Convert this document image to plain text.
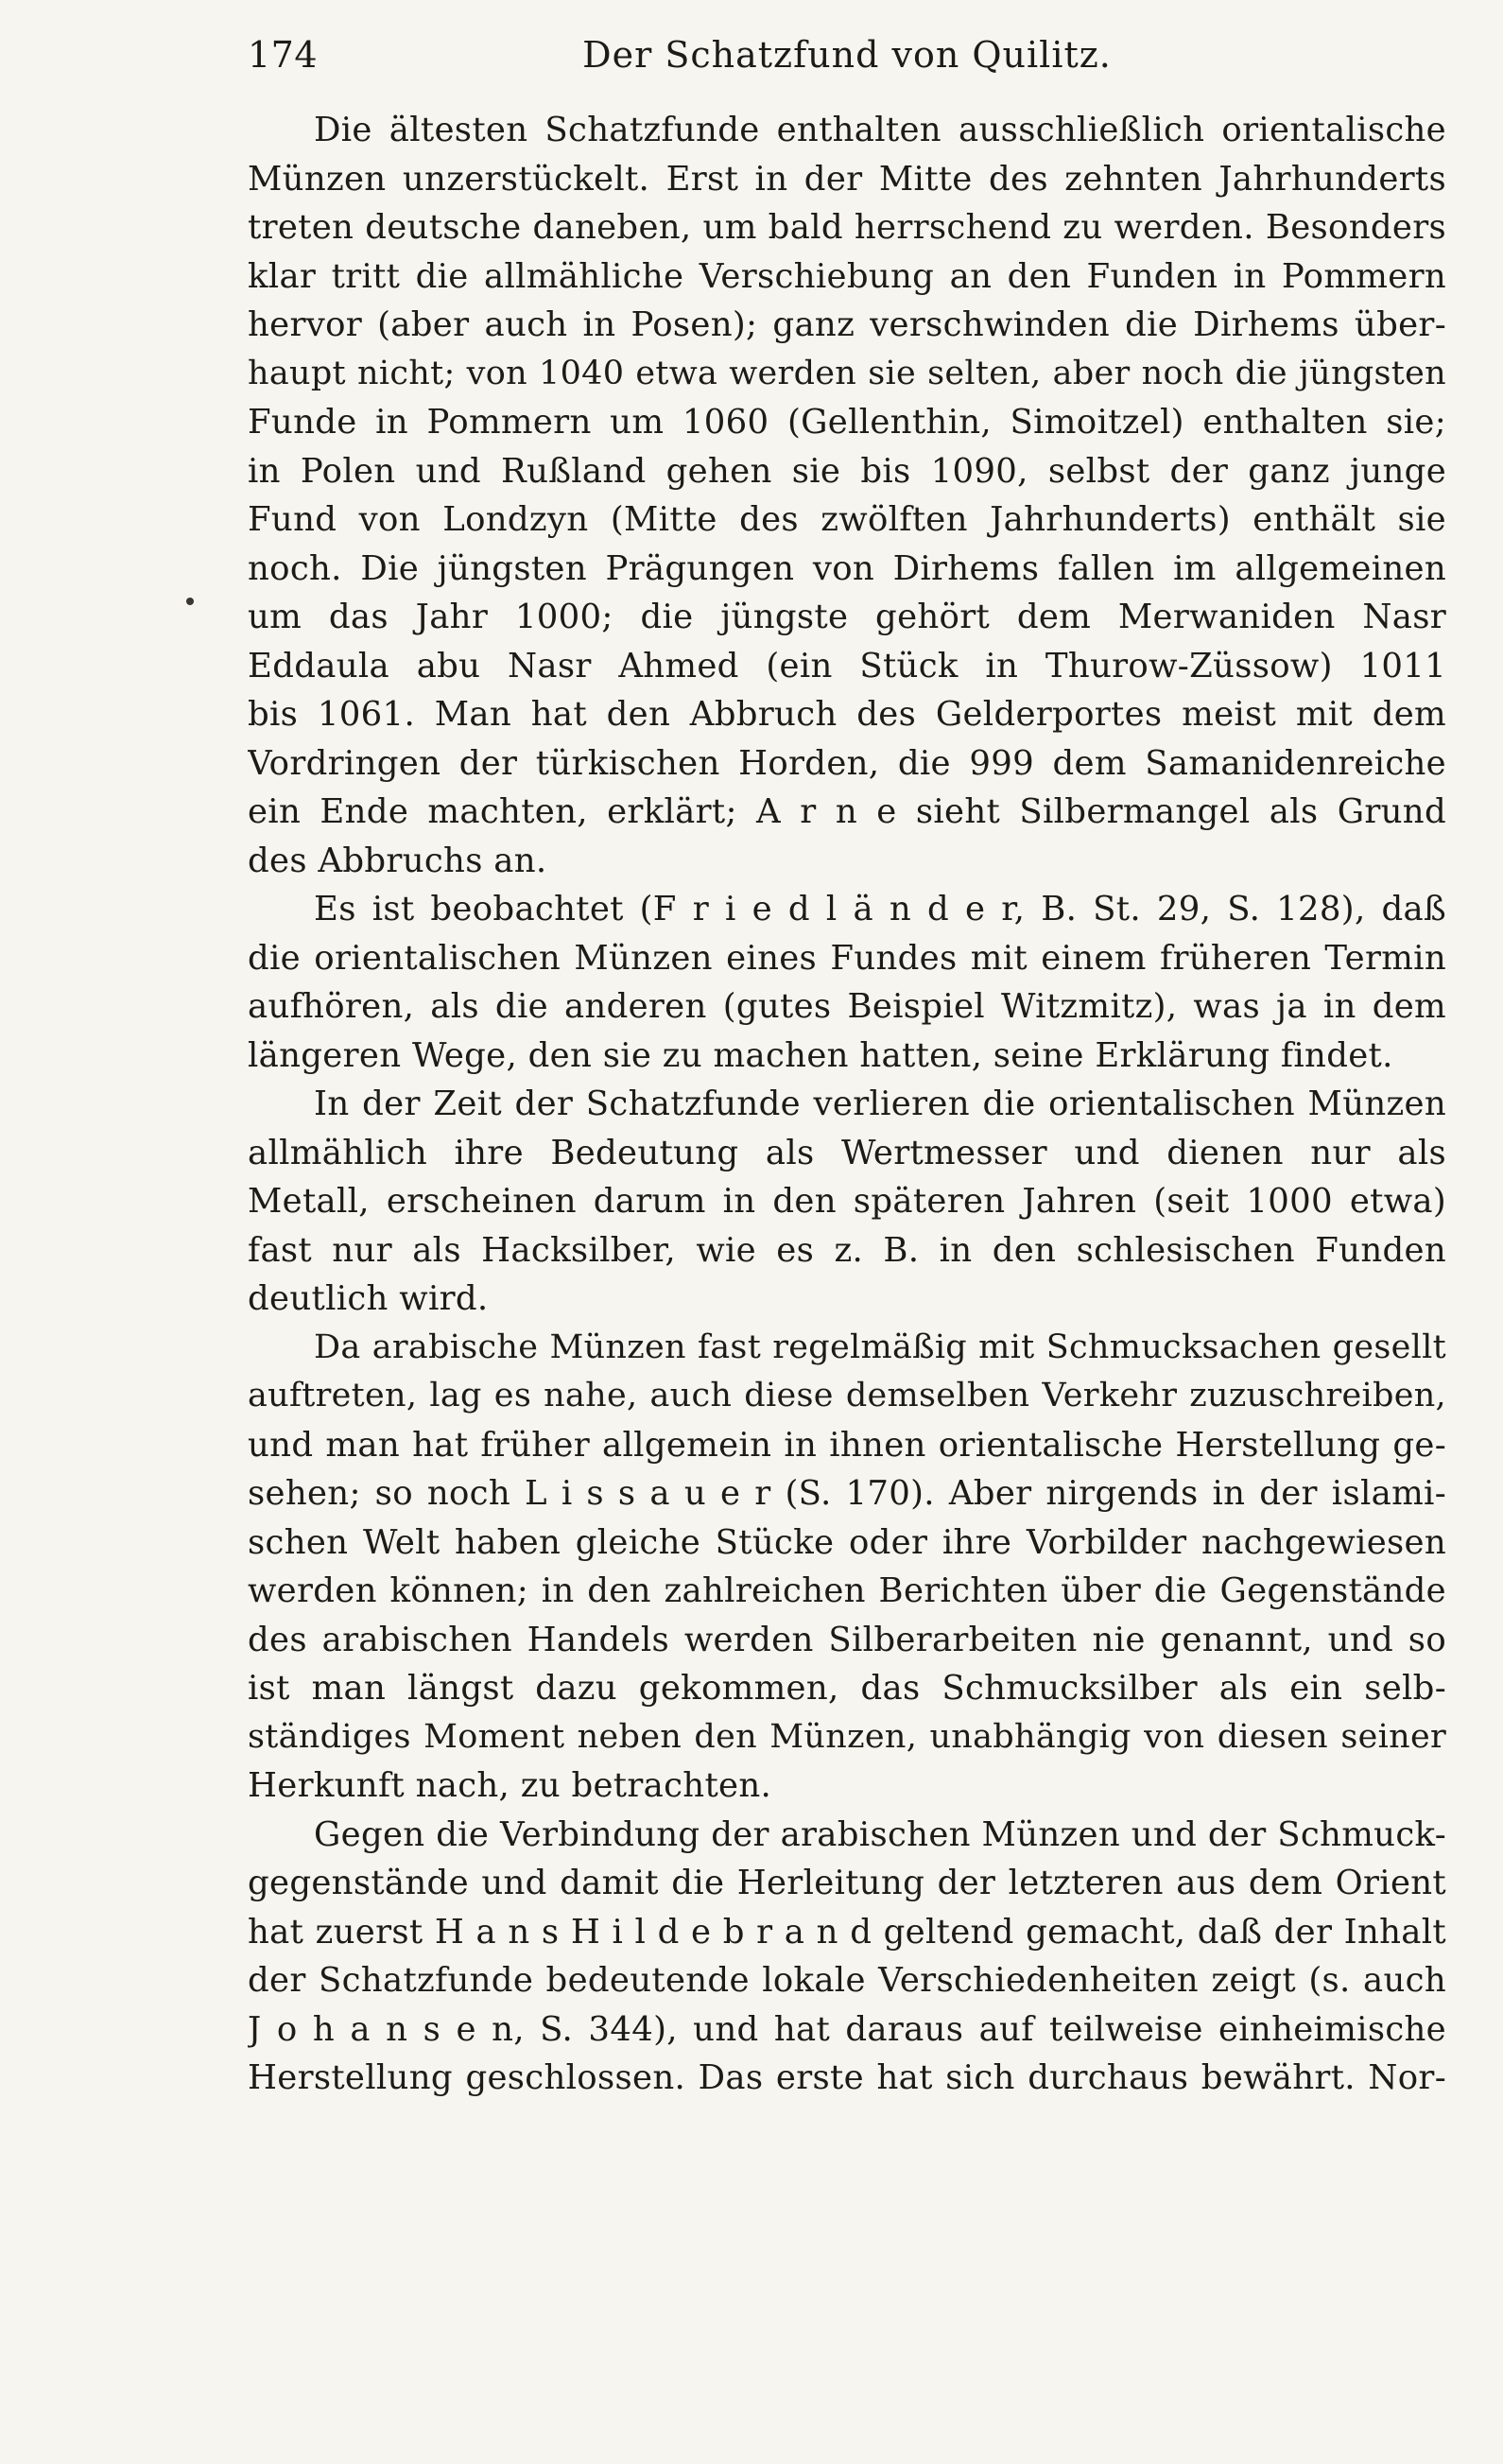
174	Der Schatzfund von Quilitz.
Die ältesten Schatzfunde enthalten ausschließlich orientalische
Münzen unzerstückelt. Erst in der Mitte des zehnten Jahrhunderts
treten deutsche daneben, um bald herrschend zu werden. Besonders
klar tritt die allmähliche Verschiebung an den Funden in Pommern
hervor (aber auch in Posen); ganz verschwinden die Dirhems über-
haupt nicht; von 1040 etwa werden sie selten, aber noch die jüngsten
Funde in Pommern um 1060 (Gellenthin, Simoitzel) enthalten sie;
in Polen und Rußland gehen sie bis 1090, selbst der ganz junge
Fund von Londzyn (Mitte des zwölften Jahrhunderts) enthält sie
noch. Die jüngsten Prägungen von Dirhems fallen im allgemeinen
um das Jahr 1000; die jüngste gehört dem Merwaniden Nasr
Eddaula abu Nasr Ahmed (ein Stück in Thurow-Züssow) 1011
bis 1061. Man hat den Abbruch des Gelderportes meist mit dem
Vordringen der türkischen Horden, die 999 dem Samanidenreiche
ein Ende machten, erklärt; A r n e sieht Silbermangel als Grund
des Abbruchs an.
Es ist beobachtet (F r i e d l ä n d e r, B. St. 29, S. 128), daß
die orientalischen Münzen eines Fundes mit einem früheren Termin
aufhören, als die anderen (gutes Beispiel Witzmitz), was ja in dem
längeren Wege, den sie zu machen hatten, seine Erklärung findet.
In der Zeit der Schatzfunde verlieren die orientalischen Münzen
allmählich ihre Bedeutung als Wertmesser und dienen nur als
Metall, erscheinen darum in den späteren Jahren (seit 1000 etwa)
fast nur als Hacksilber, wie es z. B. in den schlesischen Funden
deutlich wird.
Da arabische Münzen fast regelmäßig mit Schmucksachen gesellt
auftreten, lag es nahe, auch diese demselben Verkehr zuzuschreiben,
und man hat früher allgemein in ihnen orientalische Herstellung ge-
sehen; so noch L i s s a u e r (S. 170). Aber nirgends in der islami-
schen Welt haben gleiche Stücke oder ihre Vorbilder nachgewiesen
werden können; in den zahlreichen Berichten über die Gegenstände
des arabischen Handels werden Silberarbeiten nie genannt, und so
ist man längst dazu gekommen, das Schmucksilber als ein selb-
ständiges Moment neben den Münzen, unabhängig von diesen seiner
Herkunft nach, zu betrachten.
Gegen die Verbindung der arabischen Münzen und der Schmuck-
gegenstände und damit die Herleitung der letzteren aus dem Orient
hat zuerst H a n s H i l d e b r a n d geltend gemacht, daß der Inhalt
der Schatzfunde bedeutende lokale Verschiedenheiten zeigt (s. auch
J o h a n s e n, S. 344), und hat daraus auf teilweise einheimische
Herstellung geschlossen. Das erste hat sich durchaus bewährt. Nor-
